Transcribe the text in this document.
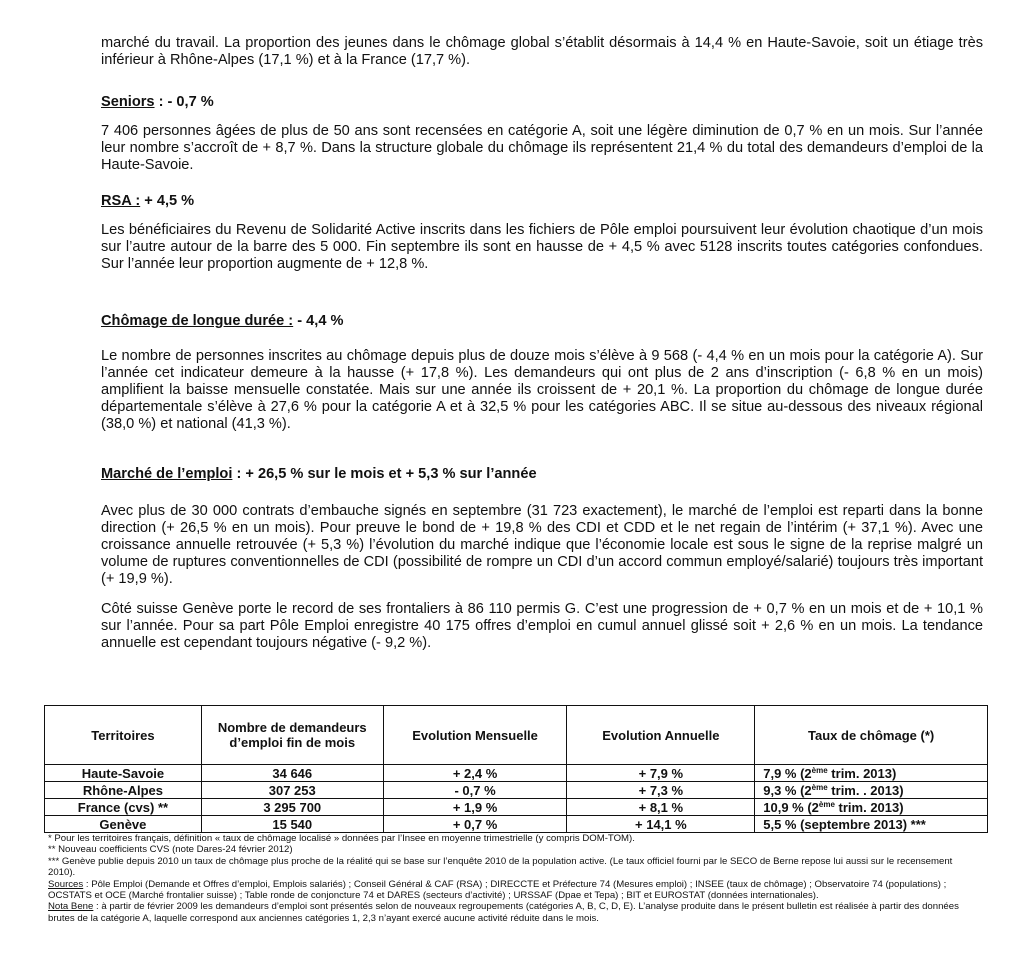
marché du travail. La proportion des jeunes dans le chômage global s’établit désormais à 14,4 % en Haute-Savoie, soit un étiage très inférieur à Rhône-Alpes (17,1 %) et à la France (17,7 %).

Seniors : - 0,7 %

7 406 personnes âgées de plus de 50 ans sont recensées en catégorie A, soit une légère diminution de 0,7 % en un mois. Sur l’année leur nombre s’accroît de + 8,7 %. Dans la structure globale du chômage ils représentent 21,4 % du total des demandeurs d’emploi de la Haute-Savoie.

RSA : + 4,5 %

Les bénéficiaires du Revenu de Solidarité Active inscrits dans les fichiers de Pôle emploi poursuivent leur évolution chaotique d’un mois sur l’autre autour de la barre des 5 000. Fin septembre ils sont en hausse de + 4,5 % avec 5128 inscrits toutes catégories confondues. Sur l’année leur proportion augmente de + 12,8 %.

Chômage de longue durée : - 4,4 %

Le nombre de personnes inscrites au chômage depuis plus de douze mois s’élève à 9 568 (- 4,4 % en un mois pour la catégorie A). Sur l’année cet indicateur demeure à la hausse (+ 17,8 %). Les demandeurs qui ont plus de 2 ans d’inscription (- 6,8 % en un mois) amplifient la baisse mensuelle constatée. Mais sur une année ils croissent de + 20,1 %. La proportion du chômage de longue durée départementale s’élève à 27,6 % pour la catégorie A et à 32,5 % pour les catégories ABC. Il se situe au-dessous des niveaux régional (38,0 %) et national (41,3 %).

Marché de l’emploi : + 26,5 % sur le mois et + 5,3 % sur l’année

Avec plus de 30 000 contrats d’embauche signés en septembre (31 723 exactement), le marché de l’emploi est reparti dans la bonne direction (+ 26,5 % en un mois). Pour preuve le bond de + 19,8 % des CDI et CDD et le net regain de l’intérim (+ 37,1 %). Avec une croissance annuelle retrouvée (+ 5,3 %) l’évolution du marché indique que l’économie locale est sous le signe de la reprise malgré un volume de ruptures conventionnelles de CDI (possibilité de rompre un CDI d’un accord commun employé/salarié) toujours très important (+ 19,9 %).

Côté suisse Genève porte le record de ses frontaliers à 86 110 permis G. C’est une progression de + 0,7 % en un mois et de + 10,1 % sur l’année. Pour sa part Pôle Emploi enregistre 40 175 offres d’emploi en cumul annuel glissé soit + 2,6 % en un mois. La tendance annuelle est cependant toujours négative (- 9,2 %).

Territoires	Nombre de demandeurs d’emploi fin de mois	Evolution Mensuelle	Evolution Annuelle	Taux de chômage (*)
Haute-Savoie	34 646	+ 2,4 %	+ 7,9 %	7,9 % (2ème trim. 2013)
Rhône-Alpes	307 253	- 0,7 %	+ 7,3 %	9,3 % (2ème trim. . 2013)
France (cvs) **	3 295 700	+ 1,9 %	+ 8,1 %	10,9 % (2ème trim. 2013)
Genève	15 540	+ 0,7 %	+ 14,1 %	5,5 % (septembre 2013) ***

* Pour les territoires français, définition « taux de chômage localisé » données par l’Insee en moyenne trimestrielle (y compris DOM-TOM).

** Nouveau coefficients CVS (note Dares-24 février 2012)

*** Genève publie depuis 2010 un taux de chômage plus proche de la réalité qui se base sur l’enquête 2010 de la population active. (Le taux officiel fourni par le SECO de Berne repose lui aussi sur le recensement 2010).

Sources : Pôle Emploi (Demande et Offres d’emploi, Emplois salariés) ; Conseil Général & CAF (RSA) ; DIRECCTE et Préfecture 74 (Mesures emploi) ; INSEE (taux de chômage) ; Observatoire 74 (populations) ; OCSTATS et OCE (Marché frontalier suisse) ; Table ronde de conjoncture 74 et DARES (secteurs d’activité) ; URSSAF (Dpae et Tepa) ; BIT et EUROSTAT (données internationales).

Nota Bene : à partir de février 2009 les demandeurs d’emploi sont présentés selon de nouveaux regroupements (catégories A, B, C, D, E). L’analyse produite dans le présent bulletin est réalisée à partir des données brutes de la catégorie A, laquelle correspond aux anciennes catégories 1, 2,3 n’ayant exercé aucune activité réduite dans le mois.
